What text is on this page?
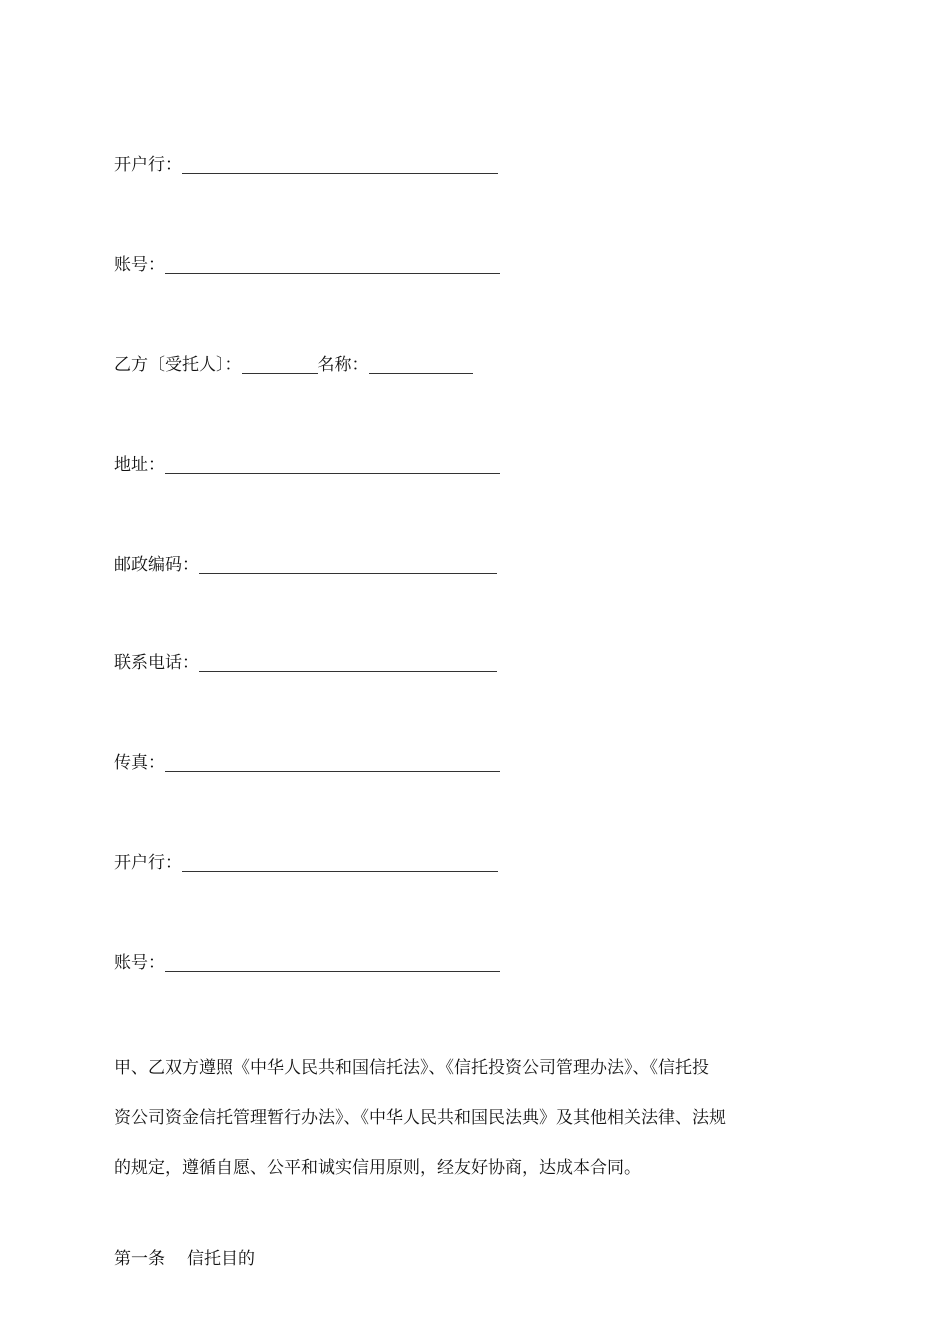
开户行：
账号：
乙方〔受托人〕：	名称：
地址：
邮政编码：
联系电话：
传真：
开户行：
账号：
甲、乙双方遵照《中华人民共和国信托法》、《信托投资公司管理办法》、《信托投
资公司资金信托管理暂行办法》、《中华人民共和国民法典》及其他相关法律、法规
的规定，遵循自愿、公平和诚实信用原则，经友好协商，达成本合同。
第一条 信托目的
